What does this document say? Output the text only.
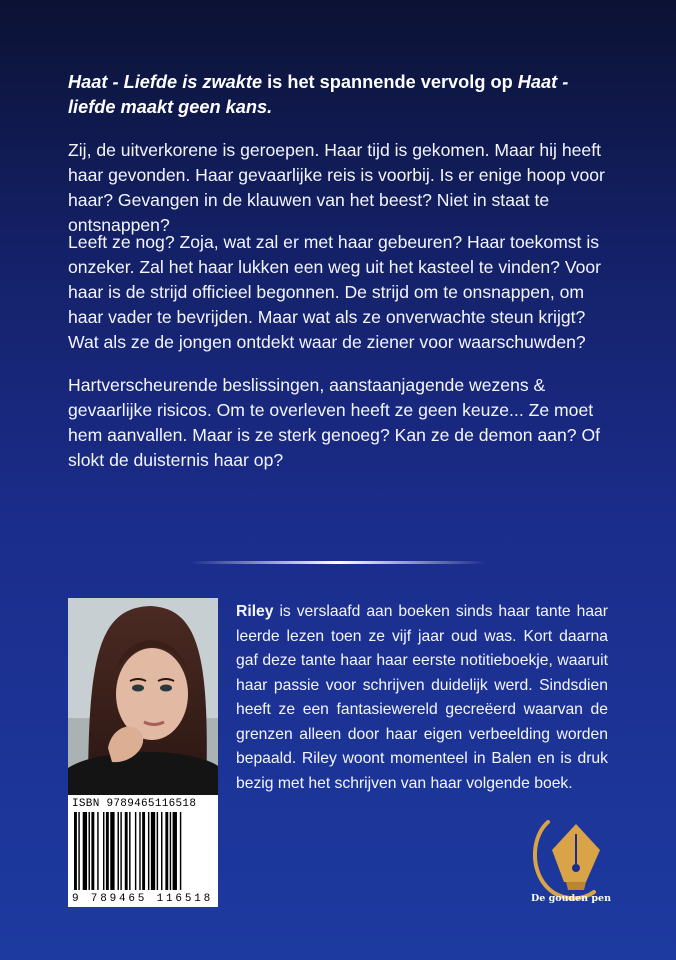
Haat - Liefde is zwakte is het spannende vervolg op Haat - liefde maakt geen kans.

Zij, de uitverkorene is geroepen. Haar tijd is gekomen. Maar hij heeft haar gevonden. Haar gevaarlijke reis is voorbij. Is er enige hoop voor haar? Gevangen in de klauwen van het beest? Niet in staat te ontsnappen?

Leeft ze nog? Zoja, wat zal er met haar gebeuren? Haar toekomst is onzeker. Zal het haar lukken een weg uit het kasteel te vinden? Voor haar is de strijd officieel begonnen. De strijd om te onsnappen, om haar vader te bevrijden. Maar wat als ze onverwachte steun krijgt? Wat als ze de jongen ontdekt waar de ziener voor waarschuwden?

Hartverscheurende beslissingen, aanstaanjagende wezens & gevaarlijke risicos. Om te overleven heeft ze geen keuze... Ze moet hem aanvallen. Maar is ze sterk genoeg? Kan ze de demon aan? Of slokt de duisternis haar op?

ISBN 9789465116518
9 789465 116518

Riley is verslaafd aan boeken sinds haar tante haar leerde lezen toen ze vijf jaar oud was. Kort daarna gaf deze tante haar haar eerste notitieboekje, waaruit haar passie voor schrijven duidelijk werd. Sindsdien heeft ze een fantasiewereld gecreëerd waarvan de grenzen alleen door haar eigen verbeelding worden bepaald. Riley woont momenteel in Balen en is druk bezig met het schrijven van haar volgende boek.

De gouden pen
